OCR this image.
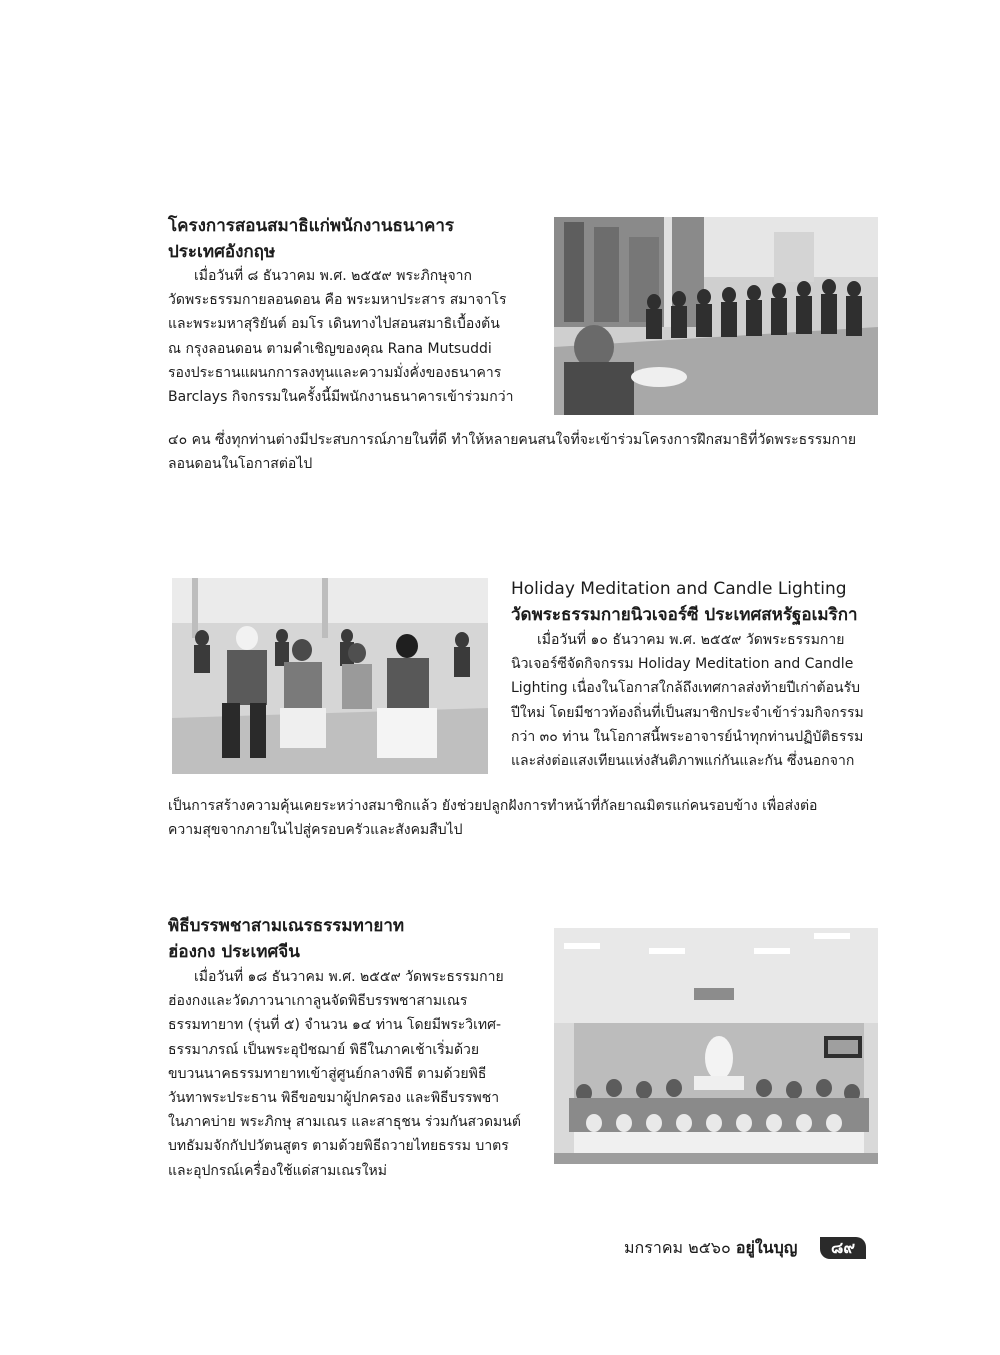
โครงการสอนสมาธิแก่พนักงานธนาคาร
ประเทศอังกฤษ
เมื่อวันที่ ๘ ธันวาคม พ.ศ. ๒๕๕๙ พระภิกษุจาก
วัดพระธรรมกายลอนดอน คือ พระมหาประสาร สมาจาโร
และพระมหาสุริยันต์ อมโร เดินทางไปสอนสมาธิเบื้องต้น
ณ กรุงลอนดอน ตามคำเชิญของคุณ Rana Mutsuddi
รองประธานแผนกการลงทุนและความมั่งคั่งของธนาคาร
Barclays กิจกรรมในครั้งนี้มีพนักงานธนาคารเข้าร่วมกว่า
๔๐ คน ซึ่งทุกท่านต่างมีประสบการณ์ภายในที่ดี ทำให้หลายคนสนใจที่จะเข้าร่วมโครงการฝึกสมาธิที่วัดพระธรรมกาย
ลอนดอนในโอกาสต่อไป
Holiday Meditation and Candle Lighting
วัดพระธรรมกายนิวเจอร์ซี ประเทศสหรัฐอเมริกา
เมื่อวันที่ ๑๐ ธันวาคม พ.ศ. ๒๕๕๙ วัดพระธรรมกาย
นิวเจอร์ซีจัดกิจกรรม Holiday Meditation and Candle
Lighting เนื่องในโอกาสใกล้ถึงเทศกาลส่งท้ายปีเก่าต้อนรับ
ปีใหม่ โดยมีชาวท้องถิ่นที่เป็นสมาชิกประจำเข้าร่วมกิจกรรม
กว่า ๓๐ ท่าน ในโอกาสนี้พระอาจารย์นำทุกท่านปฏิบัติธรรม
และส่งต่อแสงเทียนแห่งสันติภาพแก่กันและกัน ซึ่งนอกจาก
เป็นการสร้างความคุ้นเคยระหว่างสมาชิกแล้ว ยังช่วยปลูกฝังการทำหน้าที่กัลยาณมิตรแก่คนรอบข้าง เพื่อส่งต่อ
ความสุขจากภายในไปสู่ครอบครัวและสังคมสืบไป
พิธีบรรพชาสามเณรธรรมทายาท
ฮ่องกง ประเทศจีน
เมื่อวันที่ ๑๘ ธันวาคม พ.ศ. ๒๕๕๙ วัดพระธรรมกาย
ฮ่องกงและวัดภาวนาเกาลูนจัดพิธีบรรพชาสามเณร
ธรรมทายาท (รุ่นที่ ๕) จำนวน ๑๔ ท่าน โดยมีพระวิเทศ-
ธรรมาภรณ์ เป็นพระอุปัชฌาย์ พิธีในภาคเช้าเริ่มด้วย
ขบวนนาคธรรมทายาทเข้าสู่ศูนย์กลางพิธี ตามด้วยพิธี
วันทาพระประธาน พิธีขอขมาผู้ปกครอง และพิธีบรรพชา
ในภาคบ่าย พระภิกษุ สามเณร และสาธุชน ร่วมกันสวดมนต์
บทธัมมจักกัปปวัตนสูตร ตามด้วยพิธีถวายไทยธรรม บาตร
และอุปกรณ์เครื่องใช้แด่สามเณรใหม่
มกราคม ๒๕๖๐ อยู่ในบุญ	๘๙
